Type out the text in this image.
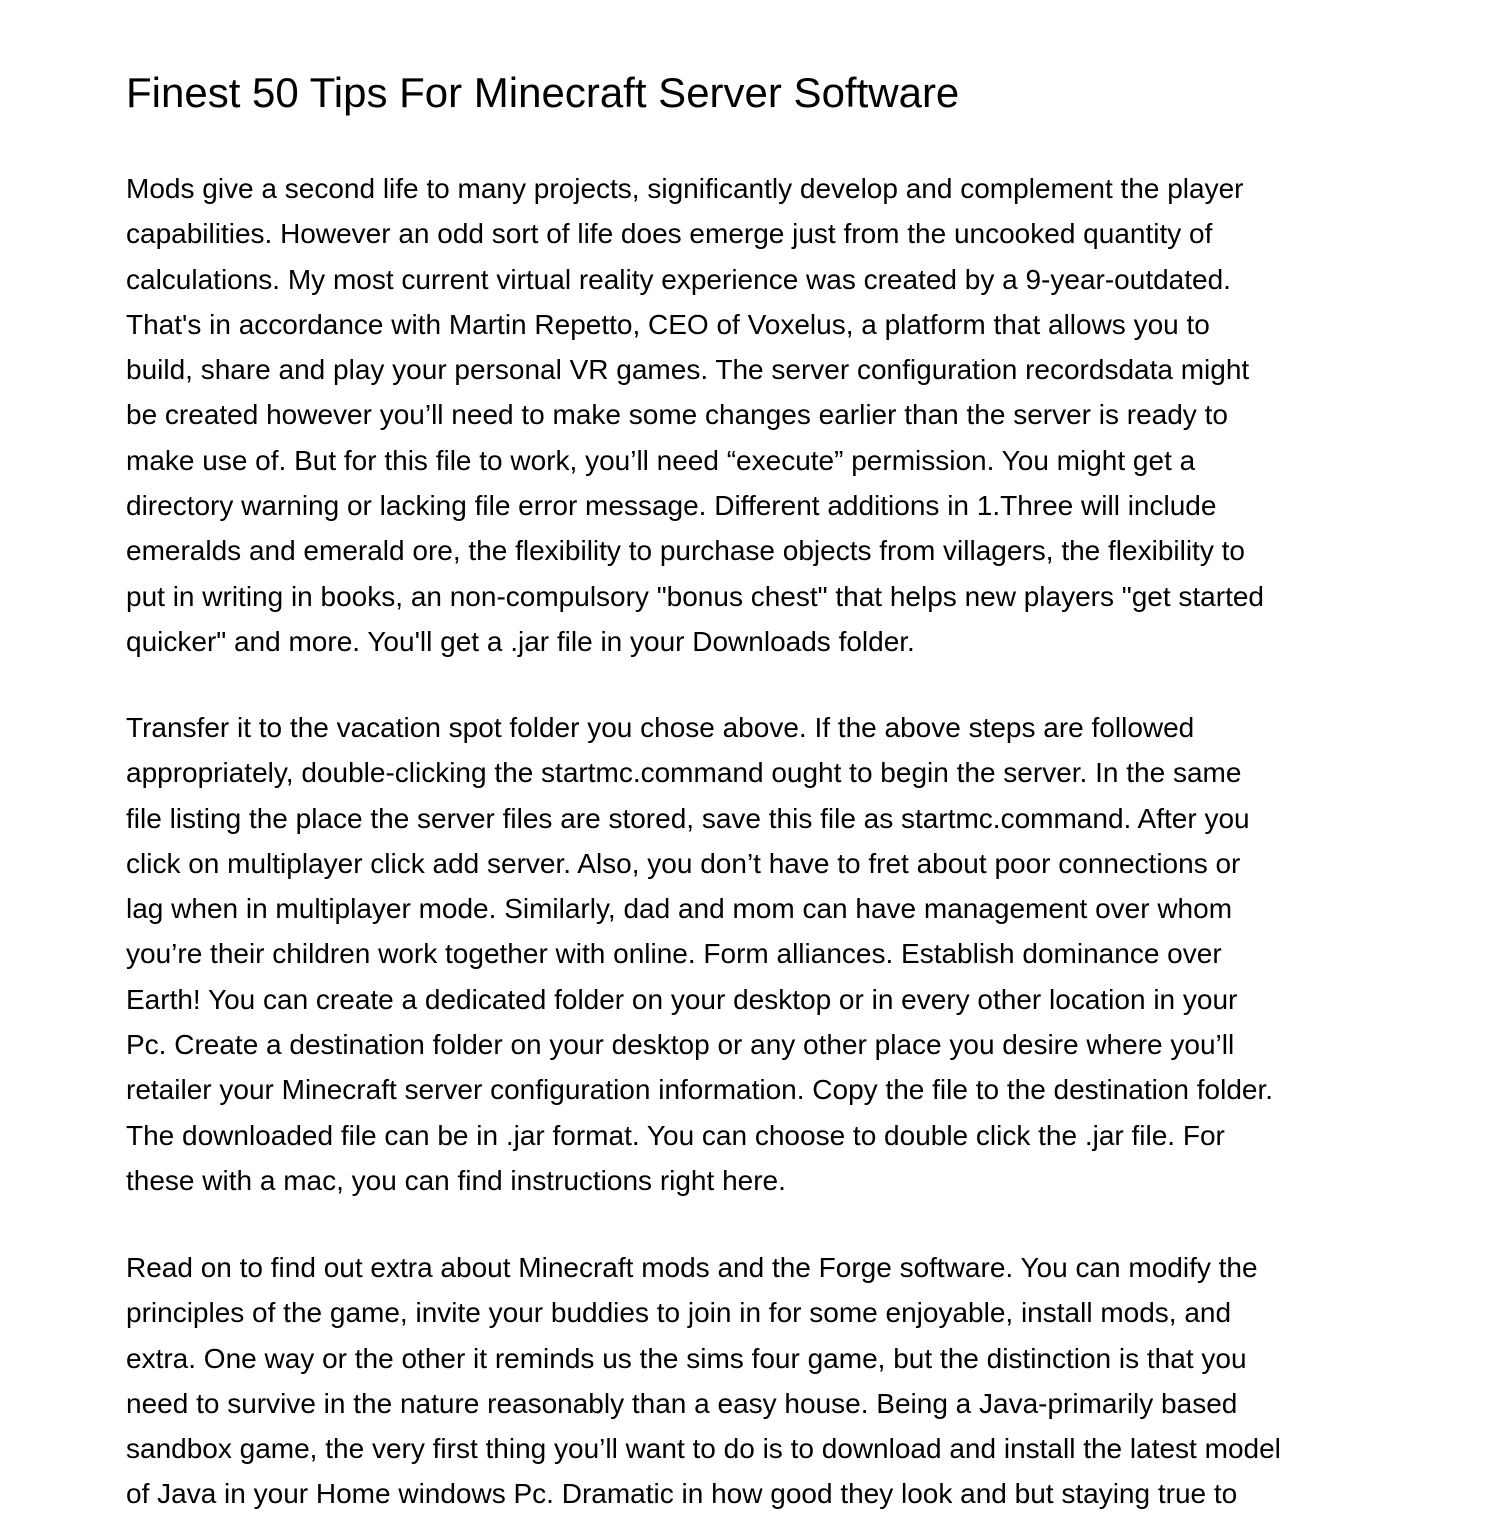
Finest 50 Tips For Minecraft Server Software

Mods give a second life to many projects, significantly develop and complement the player
capabilities. However an odd sort of life does emerge just from the uncooked quantity of
calculations. My most current virtual reality experience was created by a 9-year-outdated.
That's in accordance with Martin Repetto, CEO of Voxelus, a platform that allows you to
build, share and play your personal VR games. The server configuration recordsdata might
be created however you’ll need to make some changes earlier than the server is ready to
make use of. But for this file to work, you’ll need “execute” permission. You might get a
directory warning or lacking file error message. Different additions in 1.Three will include
emeralds and emerald ore, the flexibility to purchase objects from villagers, the flexibility to
put in writing in books, an non-compulsory "bonus chest" that helps new players "get started
quicker" and more. You'll get a .jar file in your Downloads folder.

Transfer it to the vacation spot folder you chose above. If the above steps are followed
appropriately, double-clicking the startmc.command ought to begin the server. In the same
file listing the place the server files are stored, save this file as startmc.command. After you
click on multiplayer click add server. Also, you don’t have to fret about poor connections or
lag when in multiplayer mode. Similarly, dad and mom can have management over whom
you’re their children work together with online. Form alliances. Establish dominance over
Earth! You can create a dedicated folder on your desktop or in every other location in your
Pc. Create a destination folder on your desktop or any other place you desire where you’ll
retailer your Minecraft server configuration information. Copy the file to the destination folder.
The downloaded file can be in .jar format. You can choose to double click the .jar file. For
these with a mac, you can find instructions right here.

Read on to find out extra about Minecraft mods and the Forge software. You can modify the
principles of the game, invite your buddies to join in for some enjoyable, install mods, and
extra. One way or the other it reminds us the sims four game, but the distinction is that you
need to survive in the nature reasonably than a easy house. Being a Java-primarily based
sandbox game, the very first thing you’ll want to do is to download and install the latest model
of Java in your Home windows Pc. Dramatic in how good they look and but staying true to
